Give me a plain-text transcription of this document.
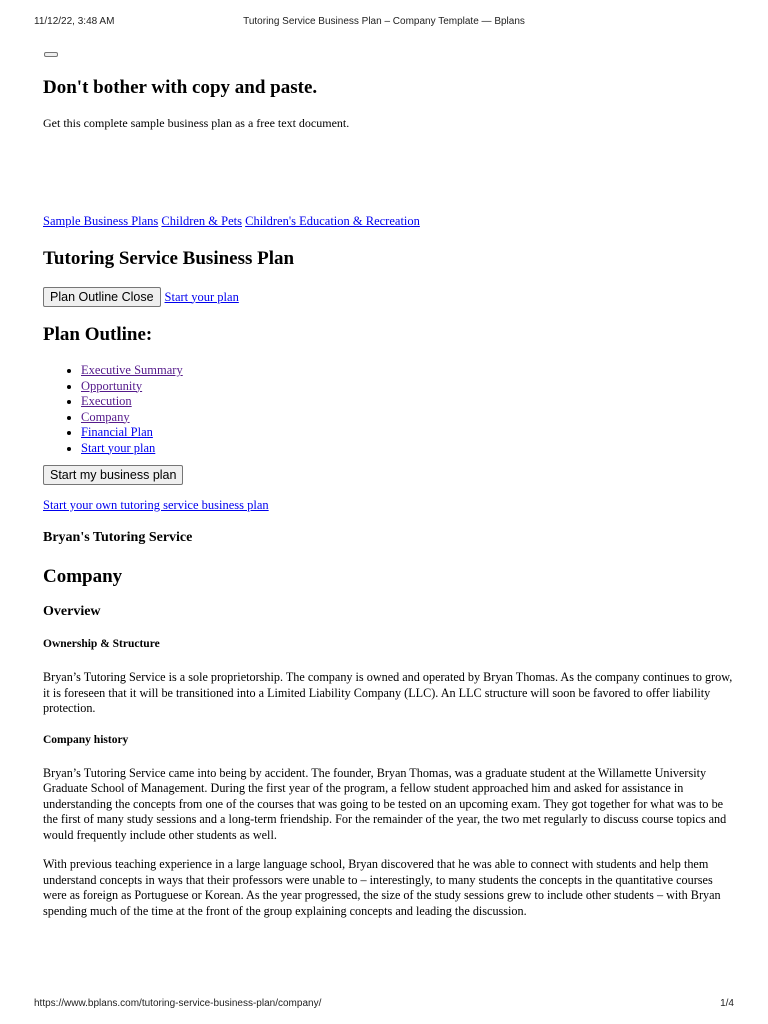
11/12/22, 3:48 AM	Tutoring Service Business Plan – Company Template — Bplans
Don't bother with copy and paste.

Get this complete sample business plan as a free text document.

Sample Business Plans Children & Pets Children's Education & Recreation
Tutoring Service Business Plan
Plan Outline Close Start your plan
Plan Outline:
• Executive Summary
• Opportunity
• Execution
• Company
• Financial Plan
• Start your plan
Start my business plan
Start your own tutoring service business plan
Bryan's Tutoring Service
Company
Overview
Ownership & Structure

Bryan’s Tutoring Service is a sole proprietorship. The company is owned and operated by Bryan Thomas. As the company continues to grow, it is foreseen that it will be transitioned into a Limited Liability Company (LLC). An LLC structure will soon be favored to offer liability protection.

Company history

Bryan’s Tutoring Service came into being by accident. The founder, Bryan Thomas, was a graduate student at the Willamette University Graduate School of Management. During the first year of the program, a fellow student approached him and asked for assistance in understanding the concepts from one of the courses that was going to be tested on an upcoming exam. They got together for what was to be the first of many study sessions and a long-term friendship. For the remainder of the year, the two met regularly to discuss course topics and would frequently include other students as well.

With previous teaching experience in a large language school, Bryan discovered that he was able to connect with students and help them understand concepts in ways that their professors were unable to – interestingly, to many students the concepts in the quantitative courses were as foreign as Portuguese or Korean. As the year progressed, the size of the study sessions grew to include other students – with Bryan spending much of the time at the front of the group explaining concepts and leading the discussion.

https://www.bplans.com/tutoring-service-business-plan/company/	1/4
